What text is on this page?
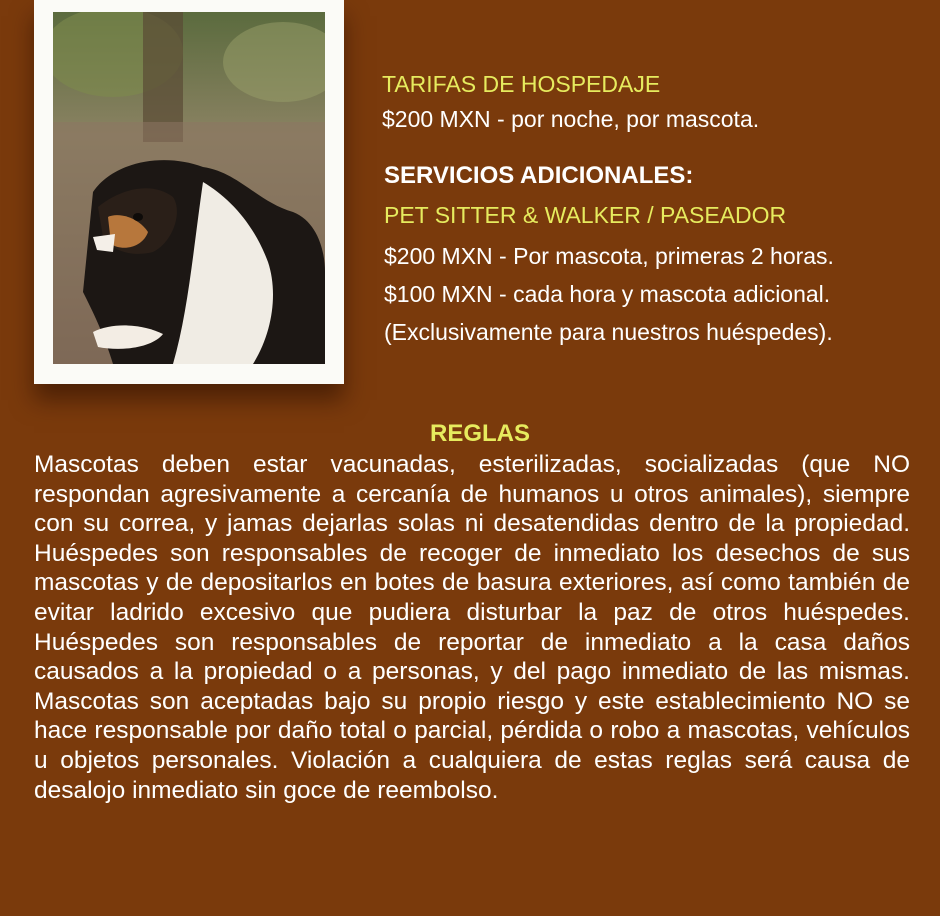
TARIFAS DE HOSPEDAJE
$200 MXN - por noche, por mascota.
SERVICIOS ADICIONALES:
PET SITTER & WALKER / PASEADOR
$200 MXN - Por mascota, primeras 2 horas.
$100 MXN - cada hora y mascota adicional.
(Exclusivamente para nuestros huéspedes).
REGLAS
Mascotas deben estar vacunadas, esterilizadas, socializadas (que NO respondan agresivamente a cercanía de humanos u otros animales), siempre con su correa, y jamas dejarlas solas ni desatendidas dentro de la propiedad. Huéspedes son responsables de recoger de inmediato los desechos de sus mascotas y de depositarlos en botes de basura exteriores, así como también de evitar ladrido excesivo que pudiera disturbar la paz de otros huéspedes. Huéspedes son responsables de reportar de inmediato a la casa daños causados a la propiedad o a personas, y del pago inmediato de las mismas. Mascotas son aceptadas bajo su propio riesgo y este establecimiento NO se hace responsable por daño total o parcial, pérdida o robo a mascotas, vehículos u objetos personales. Violación a cualquiera de estas reglas será causa de desalojo inmediato sin goce de reembolso.
